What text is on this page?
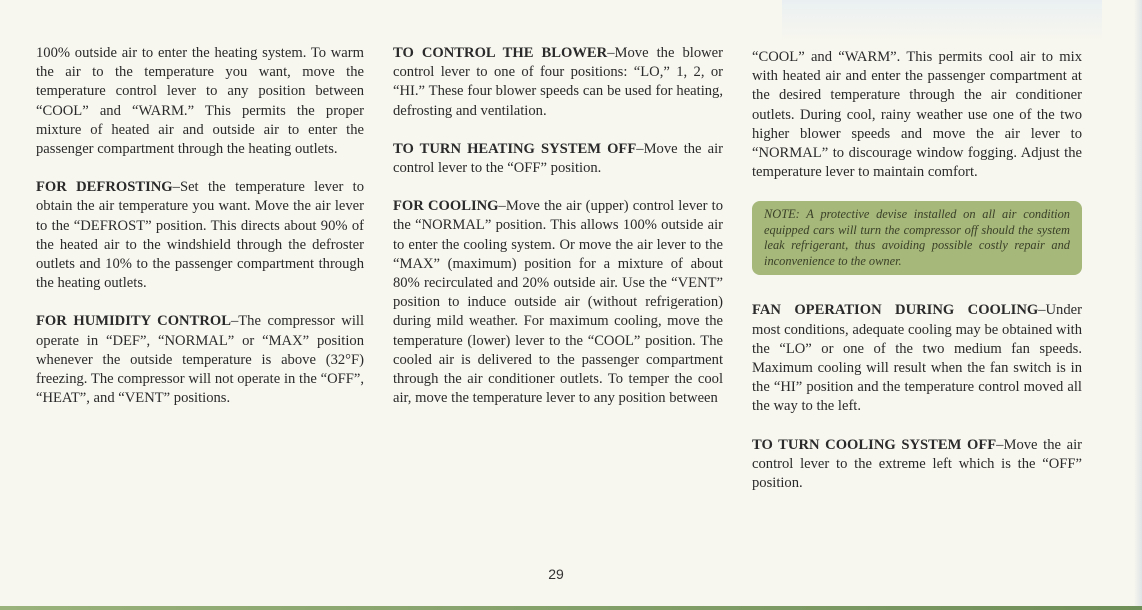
100% outside air to enter the heating system. To warm the air to the temperature you want, move the temperature control lever to any position between “COOL” and “WARM.” This permits the proper mixture of heated air and outside air to enter the passenger compartment through the heating outlets.

FOR DEFROSTING–Set the temperature lever to obtain the air temperature you want. Move the air lever to the “DEFROST” position. This directs about 90% of the heated air to the windshield through the defroster outlets and 10% to the passenger compartment through the heating outlets.

FOR HUMIDITY CONTROL–The compressor will operate in “DEF”, “NORMAL” or “MAX” position whenever the outside temperature is above (32°F) freezing. The compressor will not operate in the “OFF”, “HEAT”, and “VENT” positions.

TO CONTROL THE BLOWER–Move the blower control lever to one of four positions: “LO,” 1, 2, or “HI.” These four blower speeds can be used for heating, defrosting and ventilation.

TO TURN HEATING SYSTEM OFF–Move the air control lever to the “OFF” position.

FOR COOLING–Move the air (upper) control lever to the “NORMAL” position. This allows 100% outside air to enter the cooling system. Or move the air lever to the “MAX” (maximum) position for a mixture of about 80% recirculated and 20% outside air. Use the “VENT” position to induce outside air (without refrigeration) during mild weather. For maximum cooling, move the temperature (lower) lever to the “COOL” position. The cooled air is delivered to the passenger compartment through the air conditioner outlets. To temper the cool air, move the temperature lever to any position between

“COOL” and “WARM”. This permits cool air to mix with heated air and enter the passenger compartment at the desired temperature through the air conditioner outlets. During cool, rainy weather use one of the two higher blower speeds and move the air lever to “NORMAL” to discourage window fogging. Adjust the temperature lever to maintain comfort.

NOTE: A protective devise installed on all air condition equipped cars will turn the compressor off should the system leak refrigerant, thus avoiding possible costly repair and inconvenience to the owner.

FAN OPERATION DURING COOLING–Under most conditions, adequate cooling may be obtained with the “LO” or one of the two medium fan speeds. Maximum cooling will result when the fan switch is in the “HI” position and the temperature control moved all the way to the left.

TO TURN COOLING SYSTEM OFF–Move the air control lever to the extreme left which is the “OFF” position.

29
